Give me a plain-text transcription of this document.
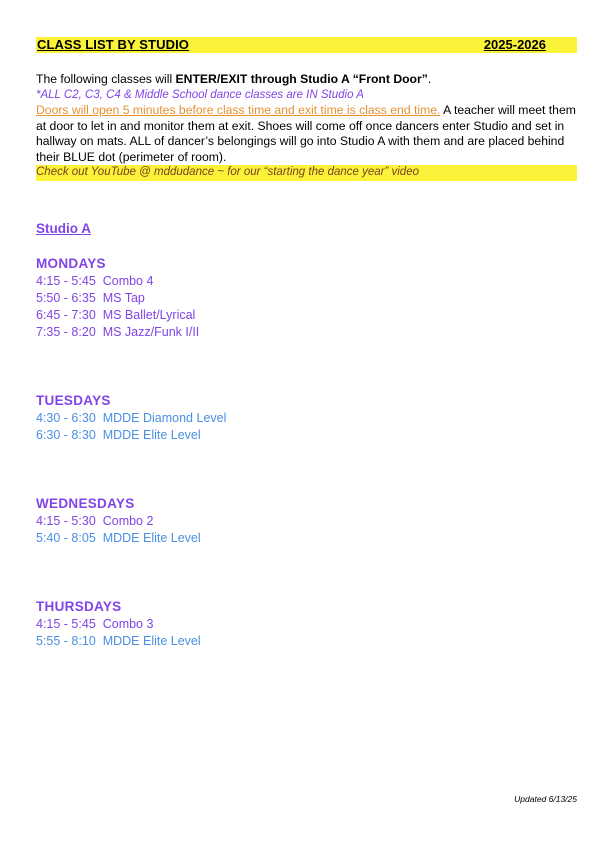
CLASS LIST BY STUDIO	2025-2026

The following classes will ENTER/EXIT through Studio A “Front Door”.

*ALL C2, C3, C4 & Middle School dance classes are IN Studio A

Doors will open 5 minutes before class time and exit time is class end time. A teacher will meet them at door to let in and monitor them at exit. Shoes will come off once dancers enter Studio and set in hallway on mats. ALL of dancer’s belongings will go into Studio A with them and are placed behind their BLUE dot (perimeter of room).

Check out YouTube @ mddudance ~ for our “starting the dance year” video
Studio A
MONDAYS
4:15 - 5:45  Combo 4
5:50 - 6:35  MS Tap
6:45 - 7:30  MS Ballet/Lyrical
7:35 - 8:20  MS Jazz/Funk I/II
TUESDAYS
4:30 - 6:30  MDDE Diamond Level
6:30 - 8:30  MDDE Elite Level
WEDNESDAYS
4:15 - 5:30  Combo 2
5:40 - 8:05  MDDE Elite Level
THURSDAYS
4:15 - 5:45  Combo 3
5:55 - 8:10  MDDE Elite Level
Updated 6/13/25
